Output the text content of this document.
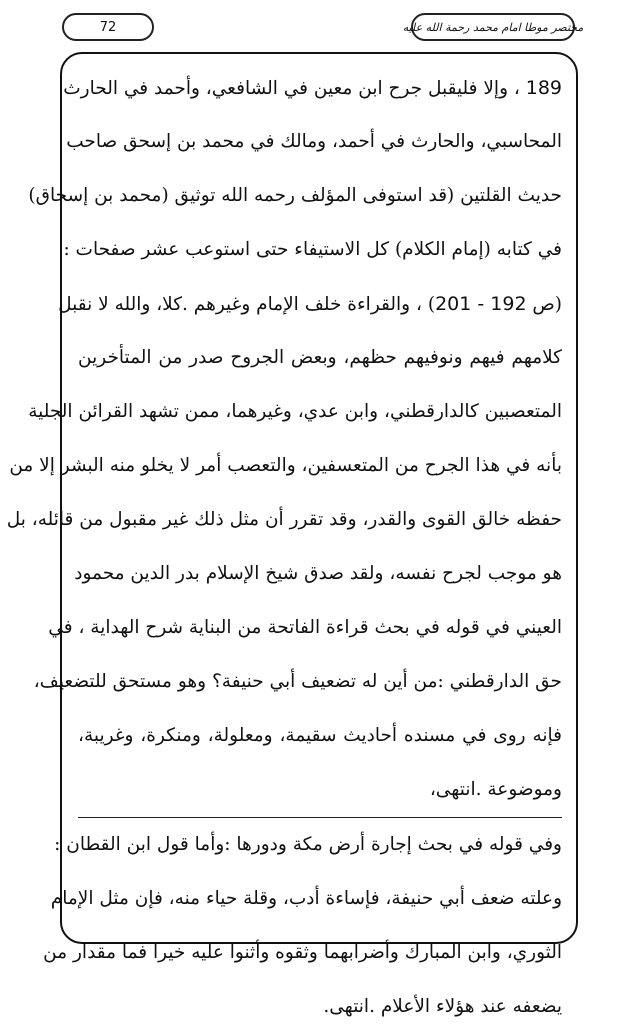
مختصر موطا امام محمد رحمة الله عليه
72
189 ، وإلا فليقبل جرح ابن معين في الشافعي، وأحمد في الحارث
المحاسبي، والحارث في أحمد، ومالك في محمد بن إسحق صاحب
حديث القلتين (قد استوفى المؤلف رحمه الله توثيق (محمد بن إسحاق)
في كتابه (إمام الكلام) كل الاستيفاء حتى استوعب عشر صفحات :
(ص 201 - 192) ، والقراءة خلف الإمام وغيرهم .كلا، والله لا نقبل
كلامهم فيهم ونوفيهم حظهم، وبعض الجروح صدر من المتأخرين
المتعصبين كالدارقطني، وابن عدي، وغيرهما، ممن تشهد القرائن الجلية
بأنه في هذا الجرح من المتعسفين، والتعصب أمر لا يخلو منه البشر إلا من
حفظه خالق القوى والقدر، وقد تقرر أن مثل ذلك غير مقبول من قائله، بل
هو موجب لجرح نفسه، ولقد صدق شيخ الإسلام بدر الدين محمود
العيني في قوله في بحث قراءة الفاتحة من البناية شرح الهداية ، في
حق الدارقطني :من أين له تضعيف أبي حنيفة؟ وهو مستحق للتضعيف،
فإنه روى في مسنده أحاديث سقيمة، ومعلولة، ومنكرة، وغريبة،
وموضوعة .انتهى،
وفي قوله في بحث إجارة أرض مكة ودورها :وأما قول ابن القطان :
وعلته ضعف أبي حنيفة، فإساءة أدب، وقلة حياء منه، فإن مثل الإمام
الثوري، وابن المبارك وأضرابهما وثقوه وأثنوا عليه خيرا فما مقدار من
يضعفه عند هؤلاء الأعلام .انتهى.
